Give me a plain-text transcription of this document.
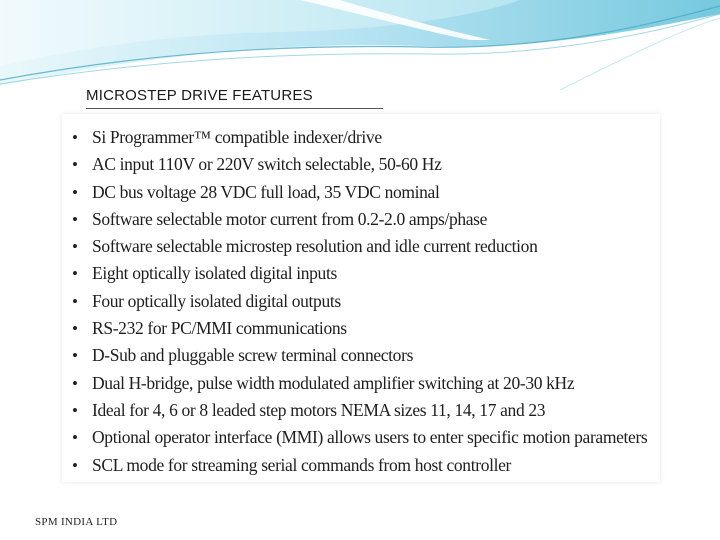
MICROSTEP DRIVE FEATURES
• Si Programmer™ compatible indexer/drive
• AC input 110V or 220V switch selectable, 50-60 Hz
• DC bus voltage 28 VDC full load, 35 VDC nominal
• Software selectable motor current from 0.2-2.0 amps/phase
• Software selectable microstep resolution and idle current reduction
• Eight optically isolated digital inputs
• Four optically isolated digital outputs
• RS-232 for PC/MMI communications
• D-Sub and pluggable screw terminal connectors
• Dual H-bridge, pulse width modulated amplifier switching at 20-30 kHz
• Ideal for 4, 6 or 8 leaded step motors NEMA sizes 11, 14, 17 and 23
• Optional operator interface (MMI) allows users to enter specific motion parameters
• SCL mode for streaming serial commands from host controller
SPM INDIA LTD
